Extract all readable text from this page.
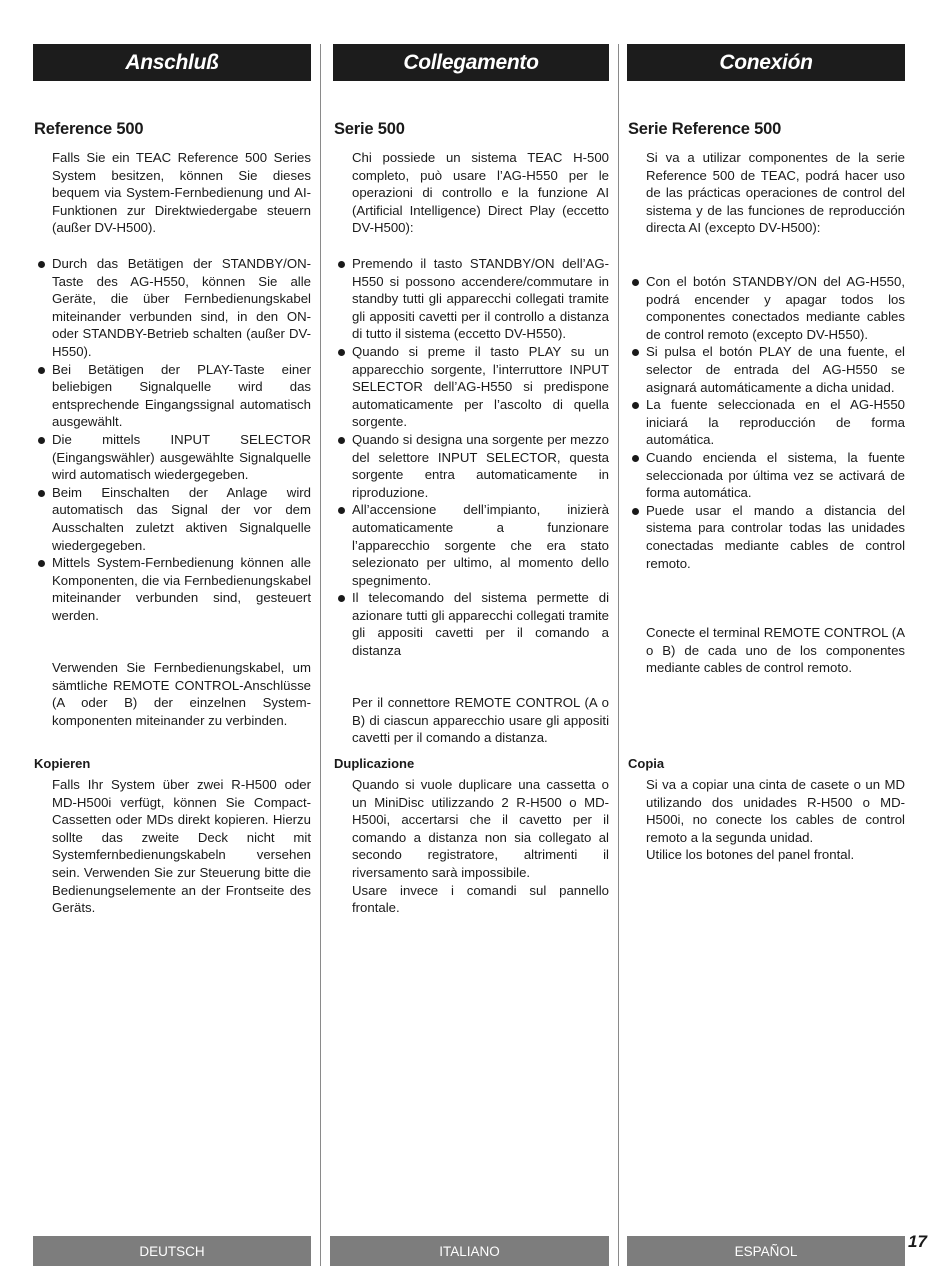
Anschluß
Reference 500

Falls Sie ein TEAC Reference 500 Series System besitzen, können Sie dieses bequem via System-Fernbedienung und AI-Funktionen zur Direktwiedergabe steuern (außer DV-H500).

Durch das Betätigen der STANDBY/ON-Taste des AG-H550, können Sie alle Geräte, die über Fernbedienungskabel miteinander verbunden sind, in den ON- oder STANDBY-Betrieb schalten (außer DV-H550).
Bei Betätigen der PLAY-Taste einer beliebigen Signalquelle wird das entsprechende Eingangssignal automatisch ausgewählt.
Die mittels INPUT SELECTOR (Eingangswähler) ausgewählte Signalquelle wird automatisch wiedergegeben.
Beim Einschalten der Anlage wird automatisch das Signal der vor dem Ausschalten zuletzt aktiven Signalquelle wiedergegeben.
Mittels System-Fernbedienung können alle Komponenten, die via Fernbedienungskabel miteinander verbunden sind, gesteuert werden.

Verwenden Sie Fernbedienungskabel, um sämtliche REMOTE CONTROL-Anschlüsse (A oder B) der einzelnen System-komponenten miteinander zu verbinden.

Kopieren

Falls Ihr System über zwei R-H500 oder MD-H500i verfügt, können Sie Compact-Cassetten oder MDs direkt kopieren. Hierzu sollte das zweite Deck nicht mit Systemfernbedienungskabeln versehen sein. Verwenden Sie zur Steuerung bitte die Bedienungselemente an der Frontseite des Geräts.

Collegamento
Serie 500

Chi possiede un sistema TEAC H-500 completo, può usare l’AG-H550 per le operazioni di controllo e la funzione AI (Artificial Intelligence) Direct Play (eccetto DV-H500):

Premendo il tasto STANDBY/ON dell’AG-H550 si possono accendere/commutare in standby tutti gli apparecchi collegati tramite gli appositi cavetti per il controllo a distanza di tutto il sistema (eccetto DV-H550).
Quando si preme il tasto PLAY su un apparecchio sorgente, l’interruttore INPUT SELECTOR dell’AG-H550 si predispone automaticamente per l’ascolto di quella sorgente.
Quando si designa una sorgente per mezzo del selettore INPUT SELECTOR, questa sorgente entra automaticamente in riproduzione.
All’accensione dell’impianto, inizierà automaticamente a funzionare l’apparecchio sorgente che era stato selezionato per ultimo, al momento dello spegnimento.
Il telecomando del sistema permette di azionare tutti gli apparecchi collegati tramite gli appositi cavetti per il comando a distanza

Per il connettore REMOTE CONTROL (A o B) di ciascun apparecchio usare gli appositi cavetti per il comando a distanza.

Duplicazione

Quando si vuole duplicare una cassetta o un MiniDisc utilizzando 2 R-H500 o MD-H500i, accertarsi che il cavetto per il comando a distanza non sia collegato al secondo registratore, altrimenti il riversamento sarà impossibile.
Usare invece i comandi sul pannello frontale.

Conexión
Serie Reference 500

Si va a utilizar componentes de la serie Reference 500 de TEAC, podrá hacer uso de las prácticas operaciones de control del sistema y de las funciones de reproducción directa AI (excepto DV-H500):

Con el botón STANDBY/ON del AG-H550, podrá encender y apagar todos los componentes conectados mediante cables de control remoto (excepto DV-H550).
Si pulsa el botón PLAY de una fuente, el selector de entrada del AG-H550 se asignará automáticamente a dicha unidad.
La fuente seleccionada en el AG-H550 iniciará la reproducción de forma automática.
Cuando encienda el sistema, la fuente seleccionada por última vez se activará de forma automática.
Puede usar el mando a distancia del sistema para controlar todas las unidades conectadas mediante cables de control remoto.

Conecte el terminal REMOTE CONTROL (A o B) de cada uno de los componentes mediante cables de control remoto.

Copia

Si va a copiar una cinta de casete o un MD utilizando dos unidades R-H500 o MD-H500i, no conecte los cables de control remoto a la segunda unidad.
Utilice los botones del panel frontal.

DEUTSCH	ITALIANO	ESPAÑOL	17
